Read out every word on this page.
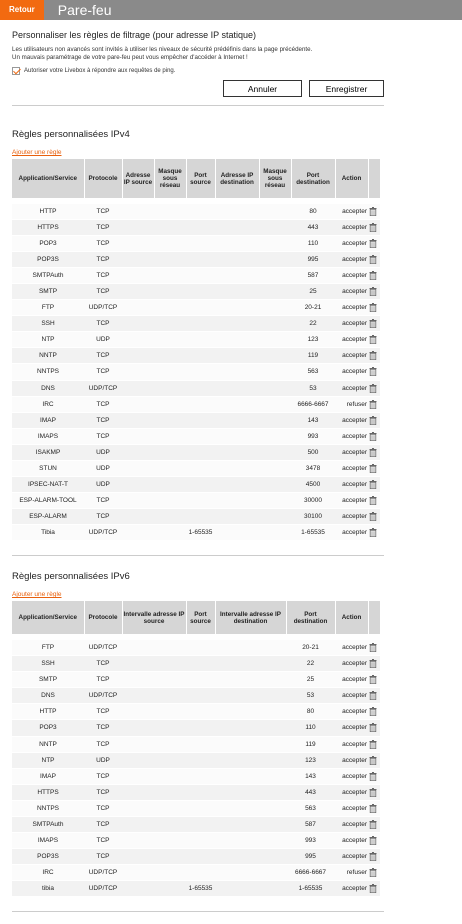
Retour	Pare-feu
Personnaliser les règles de filtrage (pour adresse IP statique)
Les utilisateurs non avancés sont invités à utiliser les niveaux de sécurité prédéfinis dans la page précédente.
Un mauvais paramétrage de votre pare-feu peut vous empêcher d'accéder à Internet !
Autoriser votre Livebox à répondre aux requêtes de ping.
Annuler	Enregistrer
Règles personnalisées IPv4
Ajouter une règle
Application/Service	Protocole	Adresse IP source	Masque sous réseau	Port source	Adresse IP destination	Masque sous réseau	Port destination	Action	

HTTP	TCP						80	accepter	
HTTPS	TCP						443	accepter	
POP3	TCP						110	accepter	
POP3S	TCP						995	accepter	
SMTPAuth	TCP						587	accepter	
SMTP	TCP						25	accepter	
FTP	UDP/TCP						20-21	accepter	
SSH	TCP						22	accepter	
NTP	UDP						123	accepter	
NNTP	TCP						119	accepter	
NNTPS	TCP						563	accepter	
DNS	UDP/TCP						53	accepter	
IRC	TCP						6666-6667	refuser	
IMAP	TCP						143	accepter	
IMAPS	TCP						993	accepter	
ISAKMP	UDP						500	accepter	
STUN	UDP						3478	accepter	
IPSEC-NAT-T	UDP						4500	accepter	
ESP-ALARM-TOOL	TCP						30000	accepter	
ESP-ALARM	TCP						30100	accepter	
Tibia	UDP/TCP			1-65535			1-65535	accepter	
Règles personnalisées IPv6
Ajouter une règle
Application/Service	Protocole	Intervalle adresse IP source	Port source	Intervalle adresse IP destination	Port destination	Action	

FTP	UDP/TCP				20-21	accepter	
SSH	TCP				22	accepter	
SMTP	TCP				25	accepter	
DNS	UDP/TCP				53	accepter	
HTTP	TCP				80	accepter	
POP3	TCP				110	accepter	
NNTP	TCP				119	accepter	
NTP	UDP				123	accepter	
IMAP	TCP				143	accepter	
HTTPS	TCP				443	accepter	
NNTPS	TCP				563	accepter	
SMTPAuth	TCP				587	accepter	
IMAPS	TCP				993	accepter	
POP3S	TCP				995	accepter	
IRC	UDP/TCP				6666-6667	refuser	
tibia	UDP/TCP		1-65535		1-65535	accepter	
